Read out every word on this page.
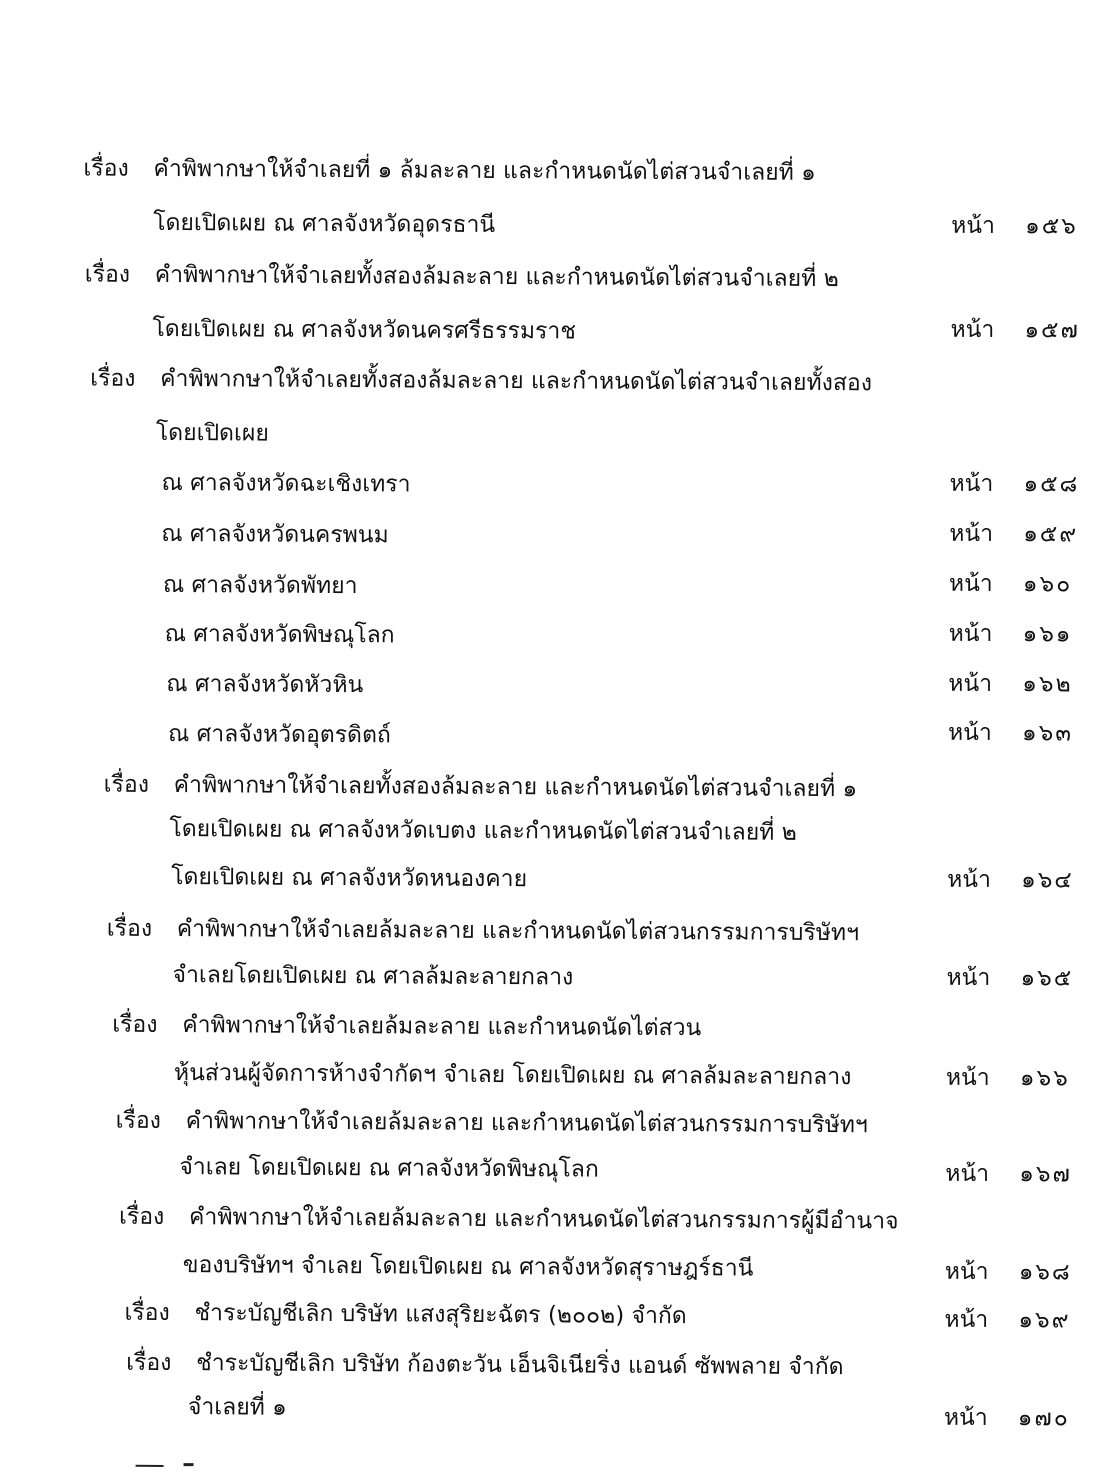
เรื่อง คำพิพากษาให้จำเลยที่ ๑ ล้มละลาย และกำหนดนัดไต่สวนจำเลยที่ ๑
โดยเปิดเผย ณ ศาลจังหวัดอุดรธานี	หน้า ๑๕๖
เรื่อง คำพิพากษาให้จำเลยทั้งสองล้มละลาย และกำหนดนัดไต่สวนจำเลยที่ ๒
โดยเปิดเผย ณ ศาลจังหวัดนครศรีธรรมราช	หน้า ๑๕๗
เรื่อง คำพิพากษาให้จำเลยทั้งสองล้มละลาย และกำหนดนัดไต่สวนจำเลยทั้งสอง
โดยเปิดเผย
ณ ศาลจังหวัดฉะเชิงเทรา	หน้า ๑๕๘
ณ ศาลจังหวัดนครพนม	หน้า ๑๕๙
ณ ศาลจังหวัดพัทยา	หน้า ๑๖๐
ณ ศาลจังหวัดพิษณุโลก	หน้า ๑๖๑
ณ ศาลจังหวัดหัวหิน	หน้า ๑๖๒
ณ ศาลจังหวัดอุตรดิตถ์	หน้า ๑๖๓
เรื่อง คำพิพากษาให้จำเลยทั้งสองล้มละลาย และกำหนดนัดไต่สวนจำเลยที่ ๑
โดยเปิดเผย ณ ศาลจังหวัดเบตง และกำหนดนัดไต่สวนจำเลยที่ ๒
โดยเปิดเผย ณ ศาลจังหวัดหนองคาย	หน้า ๑๖๔
เรื่อง คำพิพากษาให้จำเลยล้มละลาย และกำหนดนัดไต่สวนกรรมการบริษัทฯ
จำเลยโดยเปิดเผย ณ ศาลล้มละลายกลาง	หน้า ๑๖๕
เรื่อง คำพิพากษาให้จำเลยล้มละลาย และกำหนดนัดไต่สวน
หุ้นส่วนผู้จัดการห้างจำกัดฯ จำเลย โดยเปิดเผย ณ ศาลล้มละลายกลาง	หน้า ๑๖๖
เรื่อง คำพิพากษาให้จำเลยล้มละลาย และกำหนดนัดไต่สวนกรรมการบริษัทฯ
จำเลย โดยเปิดเผย ณ ศาลจังหวัดพิษณุโลก	หน้า ๑๖๗
เรื่อง คำพิพากษาให้จำเลยล้มละลาย และกำหนดนัดไต่สวนกรรมการผู้มีอำนาจ
ของบริษัทฯ จำเลย โดยเปิดเผย ณ ศาลจังหวัดสุราษฎร์ธานี	หน้า ๑๖๘
เรื่อง ชำระบัญชีเลิก บริษัท แสงสุริยะฉัตร (๒๐๐๒) จำกัด	หน้า ๑๖๙
เรื่อง ชำระบัญชีเลิก บริษัท ก้องตะวัน เอ็นจิเนียริ่ง แอนด์ ซัพพลาย จำกัด
จำเลยที่ ๑	หน้า ๑๗๐
